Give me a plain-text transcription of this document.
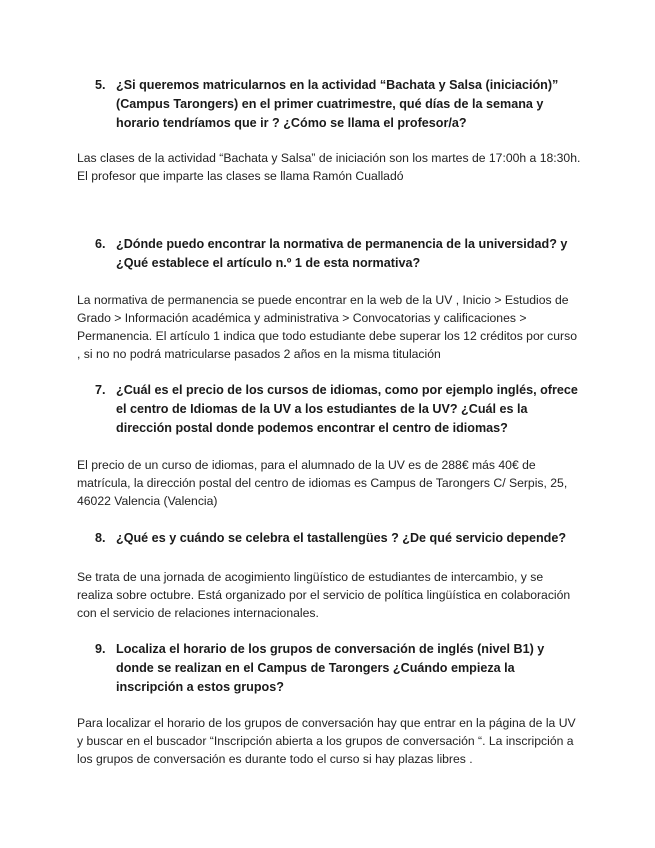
5. ¿Si queremos matricularnos en la actividad “Bachata y Salsa (iniciación)” (Campus Tarongers) en el primer cuatrimestre, qué días de la semana y horario tendríamos que ir ? ¿Cómo se llama el profesor/a?
Las clases de la actividad “Bachata y Salsa” de iniciación son los martes de 17:00h a 18:30h. El profesor que imparte las clases se llama Ramón Cualladó
6. ¿Dónde puedo encontrar la normativa de permanencia de la universidad? y ¿Qué establece el artículo n.º 1 de esta normativa?
La normativa de permanencia se puede encontrar en la web de la UV , Inicio > Estudios de Grado > Información académica y administrativa > Convocatorias y calificaciones > Permanencia. El artículo 1 indica que todo estudiante debe superar los 12 créditos por curso , si no no podrá matricularse pasados 2 años en la misma titulación
7. ¿Cuál es el precio de los cursos de idiomas, como por ejemplo inglés, ofrece el centro de Idiomas de la UV a los estudiantes de la UV? ¿Cuál es la dirección postal donde podemos encontrar el centro de idiomas?
El precio de un curso de idiomas, para el alumnado de la UV es de 288€ más 40€ de matrícula, la dirección postal del centro de idiomas es Campus de Tarongers C/ Serpis, 25, 46022 Valencia (Valencia)
8. ¿Qué es y cuándo se celebra el tastallengües ? ¿De qué servicio depende?
Se trata de una jornada de acogimiento lingüístico de estudiantes de intercambio, y se realiza sobre octubre. Está organizado por el servicio de política lingüística en colaboración con el servicio de relaciones internacionales.
9. Localiza el horario de los grupos de conversación de inglés (nivel B1) y donde se realizan en el Campus de Tarongers ¿Cuándo empieza la inscripción a estos grupos?
Para localizar el horario de los grupos de conversación hay que entrar en la página de la UV y buscar en el buscador “Inscripción abierta a los grupos de conversación “. La inscripción a los grupos de conversación es durante todo el curso si hay plazas libres .
